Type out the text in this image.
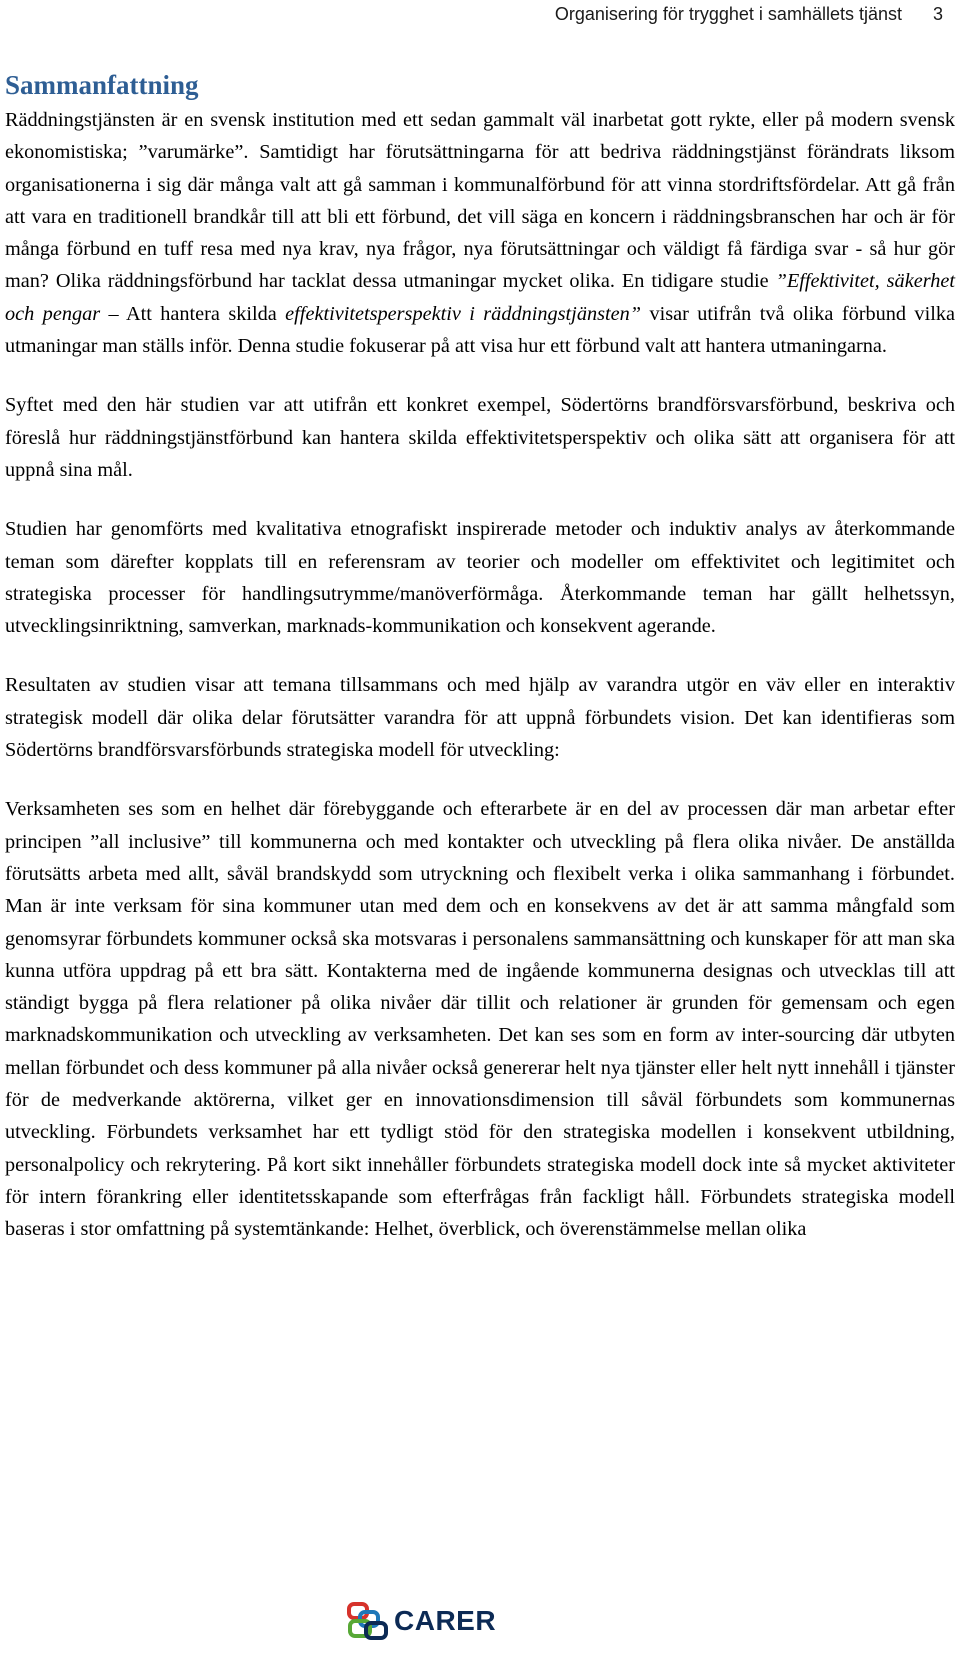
Organisering för trygghet i samhällets tjänst 3
Sammanfattning

Räddningstjänsten är en svensk institution med ett sedan gammalt väl inarbetat gott rykte, eller på modern svensk ekonomistiska; ”varumärke”. Samtidigt har förutsättningarna för att bedriva räddningstjänst förändrats liksom organisationerna i sig där många valt att gå samman i kommunalförbund för att vinna stordriftsfördelar. Att gå från att vara en traditionell brandkår till att bli ett förbund, det vill säga en koncern i räddningsbranschen har och är för många förbund en tuff resa med nya krav, nya frågor, nya förutsättningar och väldigt få färdiga svar - så hur gör man? Olika räddningsförbund har tacklat dessa utmaningar mycket olika. En tidigare studie ”Effektivitet, säkerhet och pengar – Att hantera skilda effektivitetsperspektiv i räddningstjänsten” visar utifrån två olika förbund vilka utmaningar man ställs inför. Denna studie fokuserar på att visa hur ett förbund valt att hantera utmaningarna.

Syftet med den här studien var att utifrån ett konkret exempel, Södertörns brandförsvarsförbund, beskriva och föreslå hur räddningstjänstförbund kan hantera skilda effektivitetsperspektiv och olika sätt att organisera för att uppnå sina mål.

Studien har genomförts med kvalitativa etnografiskt inspirerade metoder och induktiv analys av återkommande teman som därefter kopplats till en referensram av teorier och modeller om effektivitet och legitimitet och strategiska processer för handlingsutrymme/manöverförmåga. Återkommande teman har gällt helhetssyn, utvecklingsinriktning, samverkan, marknads-kommunikation och konsekvent agerande.

Resultaten av studien visar att temana tillsammans och med hjälp av varandra utgör en väv eller en interaktiv strategisk modell där olika delar förutsätter varandra för att uppnå förbundets vision. Det kan identifieras som Södertörns brandförsvarsförbunds strategiska modell för utveckling:

Verksamheten ses som en helhet där förebyggande och efterarbete är en del av processen där man arbetar efter principen ”all inclusive” till kommunerna och med kontakter och utveckling på flera olika nivåer. De anställda förutsätts arbeta med allt, såväl brandskydd som utryckning och flexibelt verka i olika sammanhang i förbundet. Man är inte verksam för sina kommuner utan med dem och en konsekvens av det är att samma mångfald som genomsyrar förbundets kommuner också ska motsvaras i personalens sammansättning och kunskaper för att man ska kunna utföra uppdrag på ett bra sätt. Kontakterna med de ingående kommunerna designas och utvecklas till att ständigt bygga på flera relationer på olika nivåer där tillit och relationer är grunden för gemensam och egen marknadskommunikation och utveckling av verksamheten. Det kan ses som en form av inter-sourcing där utbyten mellan förbundet och dess kommuner på alla nivåer också genererar helt nya tjänster eller helt nytt innehåll i tjänster för de medverkande aktörerna, vilket ger en innovationsdimension till såväl förbundets som kommunernas utveckling. Förbundets verksamhet har ett tydligt stöd för den strategiska modellen i konsekvent utbildning, personalpolicy och rekrytering. På kort sikt innehåller förbundets strategiska modell dock inte så mycket aktiviteter för intern förankring eller identitetsskapande som efterfrågas från fackligt håll. Förbundets strategiska modell baseras i stor omfattning på systemtänkande: Helhet, överblick, och överenstämmelse mellan olika

CARER
